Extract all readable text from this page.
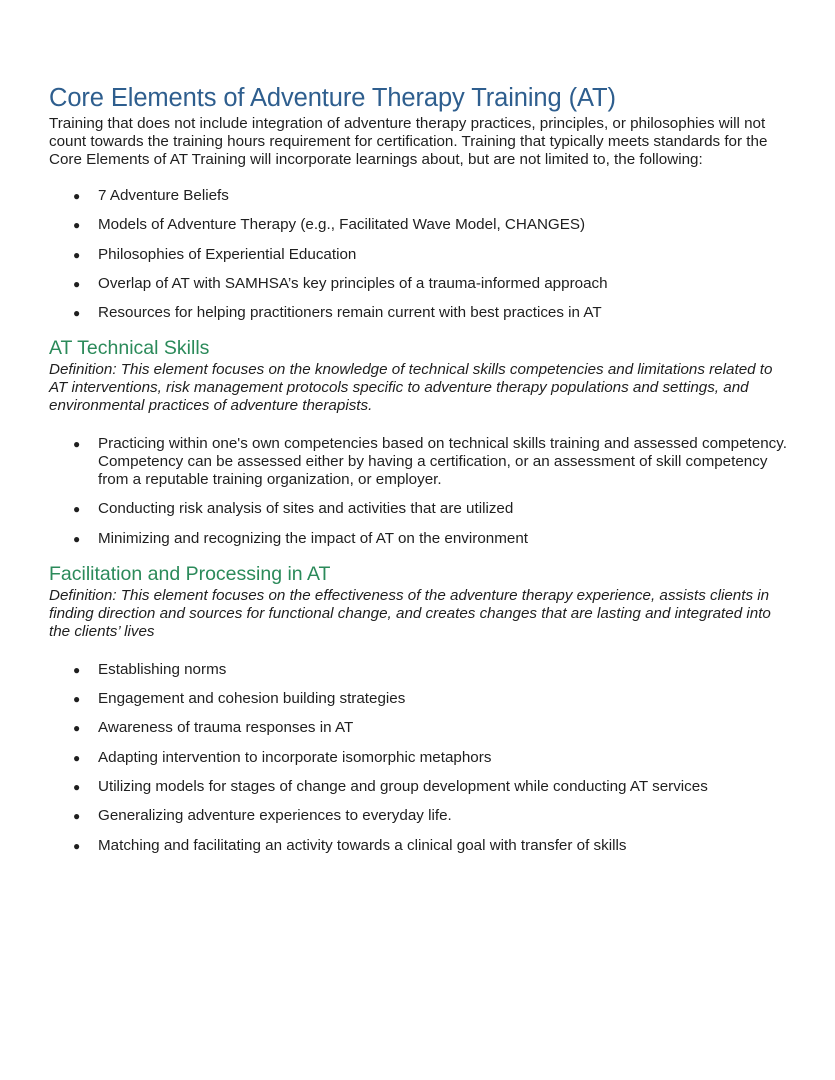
Core Elements of Adventure Therapy Training (AT)

Training that does not include integration of adventure therapy practices, principles, or philosophies will not count towards the training hours requirement for certification. Training that typically meets standards for the Core Elements of AT Training will incorporate learnings about, but are not limited to, the following:

● 7 Adventure Beliefs
● Models of Adventure Therapy (e.g., Facilitated Wave Model, CHANGES)
● Philosophies of Experiential Education
● Overlap of AT with SAMHSA’s key principles of a trauma-informed approach
● Resources for helping practitioners remain current with best practices in AT
AT Technical Skills

Definition: This element focuses on the knowledge of technical skills competencies and limitations related to AT interventions, risk management protocols specific to adventure therapy populations and settings, and environmental practices of adventure therapists.

● Practicing within one's own competencies based on technical skills training and assessed competency. Competency can be assessed either by having a certification, or an assessment of skill competency from a reputable training organization, or employer.
● Conducting risk analysis of sites and activities that are utilized
● Minimizing and recognizing the impact of AT on the environment
Facilitation and Processing in AT

Definition: This element focuses on the effectiveness of the adventure therapy experience, assists clients in finding direction and sources for functional change, and creates changes that are lasting and integrated into the clients’ lives

● Establishing norms
● Engagement and cohesion building strategies
● Awareness of trauma responses in AT
● Adapting intervention to incorporate isomorphic metaphors
● Utilizing models for stages of change and group development while conducting AT services
● Generalizing adventure experiences to everyday life.
● Matching and facilitating an activity towards a clinical goal with transfer of skills
